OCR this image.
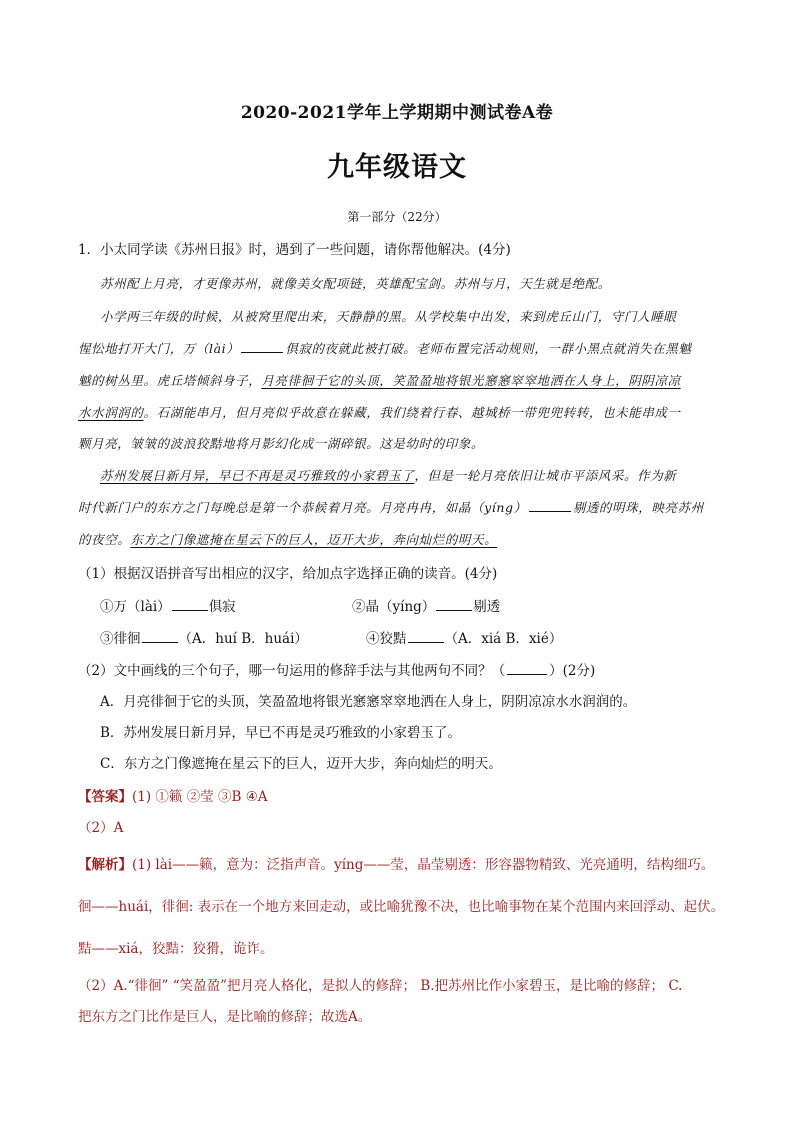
2020-2021学年上学期期中测试卷A卷
九年级语文
第一部分（22分）
1．小太同学读《苏州日报》时，遇到了一些问题，请你帮他解决。(4分)
苏州配上月亮，才更像苏州，就像美女配项链，英雄配宝剑。苏州与月，天生就是绝配。
小学两三年级的时候，从被窝里爬出来，天静静的黑。从学校集中出发，来到虎丘山门，守门人睡眼
惺忪地打开大门，万（lài）	俱寂的夜就此被打破。老师布置完活动规则，一群小黑点就消失在黑魆
魆的树丛里。虎丘塔倾斜身子，月亮徘徊于它的头顶，笑盈盈地将银光窸窸窣窣地洒在人身上，阴阴凉凉
水水润润的。石湖能串月，但月亮似乎故意在躲藏，我们绕着行春、越城桥一带兜兜转转，也未能串成一
颗月亮，皱皱的波浪狡黠地将月影幻化成一湖碎银。这是幼时的印象。
苏州发展日新月异，早已不再是灵巧雅致的小家碧玉了，但是一轮月亮依旧让城市平添风采。作为新
时代新门户的东方之门每晚总是第一个恭候着月亮。月亮冉冉，如晶（yíng）	剔透的明珠，映亮苏州
的夜空。东方之门像遮掩在星云下的巨人，迈开大步，奔向灿烂的明天。
（1）根据汉语拼音写出相应的汉字，给加点字选择正确的读音。(4分)
①万（lài）	俱寂	②晶（yíng）	剔透
③徘徊	（A．huí B．huái）	④狡黠	（A．xiá B．xié）
（2）文中画线的三个句子，哪一句运用的修辞手法与其他两句不同？（	）(2分)
A．月亮徘徊于它的头顶，笑盈盈地将银光窸窸窣窣地洒在人身上，阴阴凉凉水水润润的。
B．苏州发展日新月异，早已不再是灵巧雅致的小家碧玉了。
C．东方之门像遮掩在星云下的巨人，迈开大步，奔向灿烂的明天。
【答案】(1) ①籁 ②莹 ③B ④A
（2）A
【解析】(1) lài——籁，意为：泛指声音。yíng——莹，晶莹剔透：形容器物精致、光亮通明，结构细巧。
徊——huái，徘徊: 表示在一个地方来回走动，或比喻犹豫不决，也比喻事物在某个范围内来回浮动、起伏。
黠——xiá，狡黠：狡猾，诡诈。
（2）A.“徘徊” “笑盈盈”把月亮人格化，是拟人的修辞； B.把苏州比作小家碧玉，是比喻的修辞； C.
把东方之门比作是巨人，是比喻的修辞；故选A。
